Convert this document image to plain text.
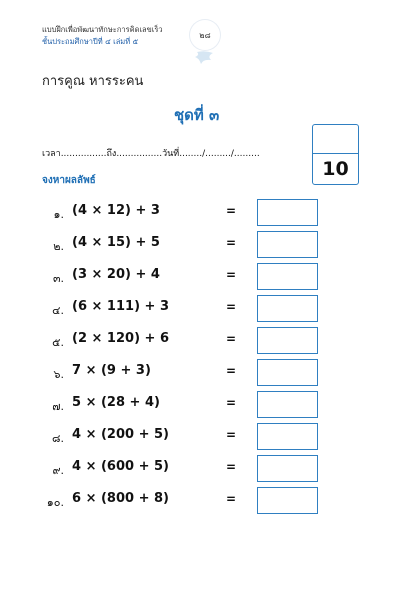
แบบฝึกเพื่อพัฒนาทักษะการคิดเลขเร็ว
ชั้นประถมศึกษาปีที่ ๔ เล่มที่ ๕
๒๘
การคูณ หารระคน
ชุดที่ ๓
เวลา................ถึง................วันที่......../........./.........
10
จงหาผลลัพธ์
๑. (4 × 12) + 3	=
๒. (4 × 15) + 5	=
๓. (3 × 20) + 4	=
๔. (6 × 111) + 3	=
๕. (2 × 120) + 6	=
๖. 7 × (9 + 3)	=
๗. 5 × (28 + 4)	=
๘. 4 × (200 + 5)	=
๙. 4 × (600 + 5)	=
๑๐. 6 × (800 + 8)	=
